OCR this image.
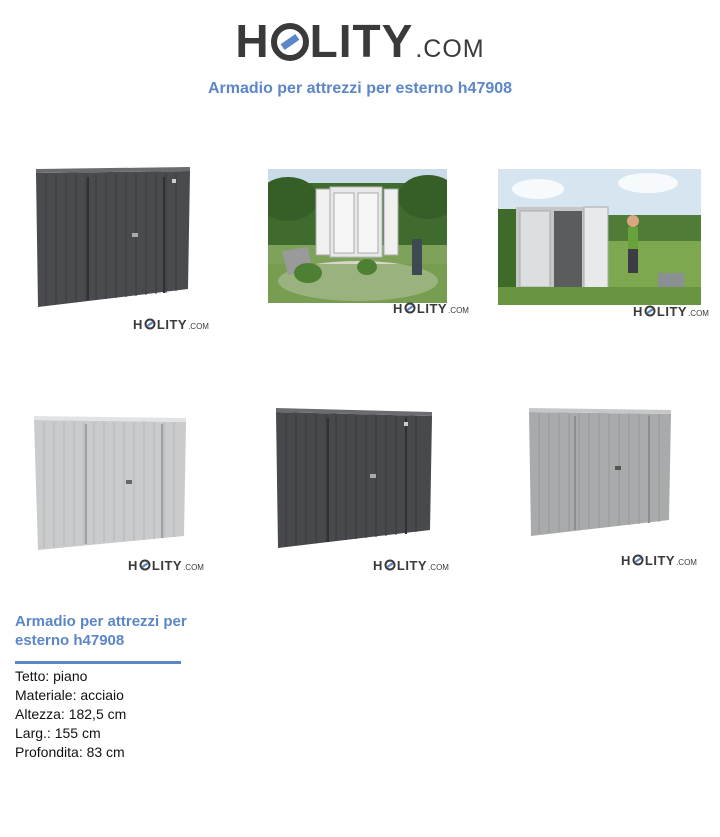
H LITY .COM
Armadio per attrezzi per esterno h47908
H LITY .COM
H LITY .COM	H LITY .COM
H LITY .COM	H LITY .COM	H LITY .COM
Armadio per attrezzi per esterno h47908
Tetto: piano
Materiale: acciaio
Altezza: 182,5 cm
Larg.: 155 cm
Profondita: 83 cm
